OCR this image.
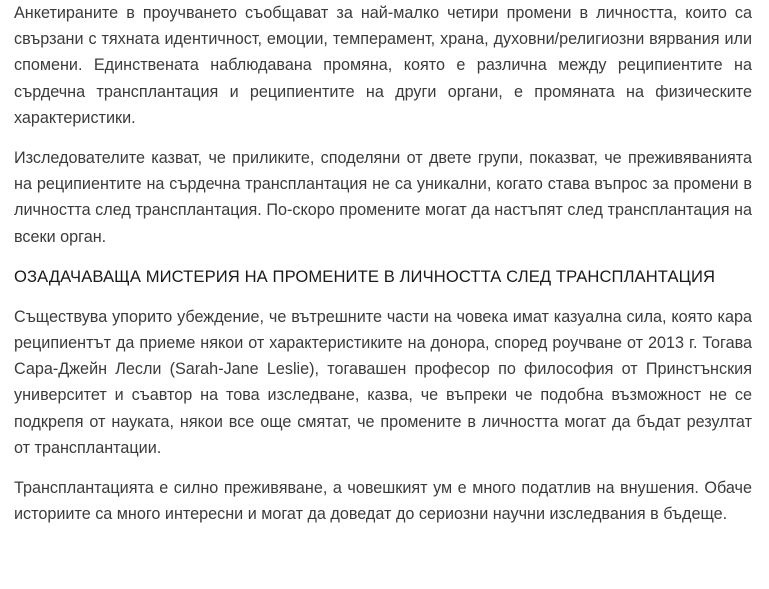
Анкетираните в проучването съобщават за най-малко четири промени в личността, които са свързани с тяхната идентичност, емоции, темперамент, храна, духовни/религиозни вярвания или спомени. Единствената наблюдавана промяна, която е различна между реципиентите на сърдечна трансплантация и реципиентите на други органи, е промяната на физическите характеристики.

Изследователите казват, че приликите, споделяни от двете групи, показват, че преживяванията на реципиентите на сърдечна трансплантация не са уникални, когато става въпрос за промени в личността след трансплантация. По-скоро промените могат да настъпят след трансплантация на всеки орган.

ОЗАДАЧАВАЩА МИСТЕРИЯ НА ПРОМЕНИТЕ В ЛИЧНОСТТА СЛЕД ТРАНСПЛАНТАЦИЯ

Съществува упорито убеждение, че вътрешните части на човека имат казуална сила, която кара реципиентът да приеме някои от характеристиките на донора, според роучване от 2013 г. Тогава Сара-Джейн Лесли (Sarah-Jane Leslie), тогавашен професор по философия от Принстънския университет и съавтор на това изследване, казва, че въпреки че подобна възможност не се подкрепя от науката, някои все още смятат, че промените в личността могат да бъдат резултат от трансплантации.

Трансплантацията е силно преживяване, а човешкият ум е много податлив на внушения. Обаче историите са много интересни и могат да доведат до сериозни научни изследвания в бъдеще.
